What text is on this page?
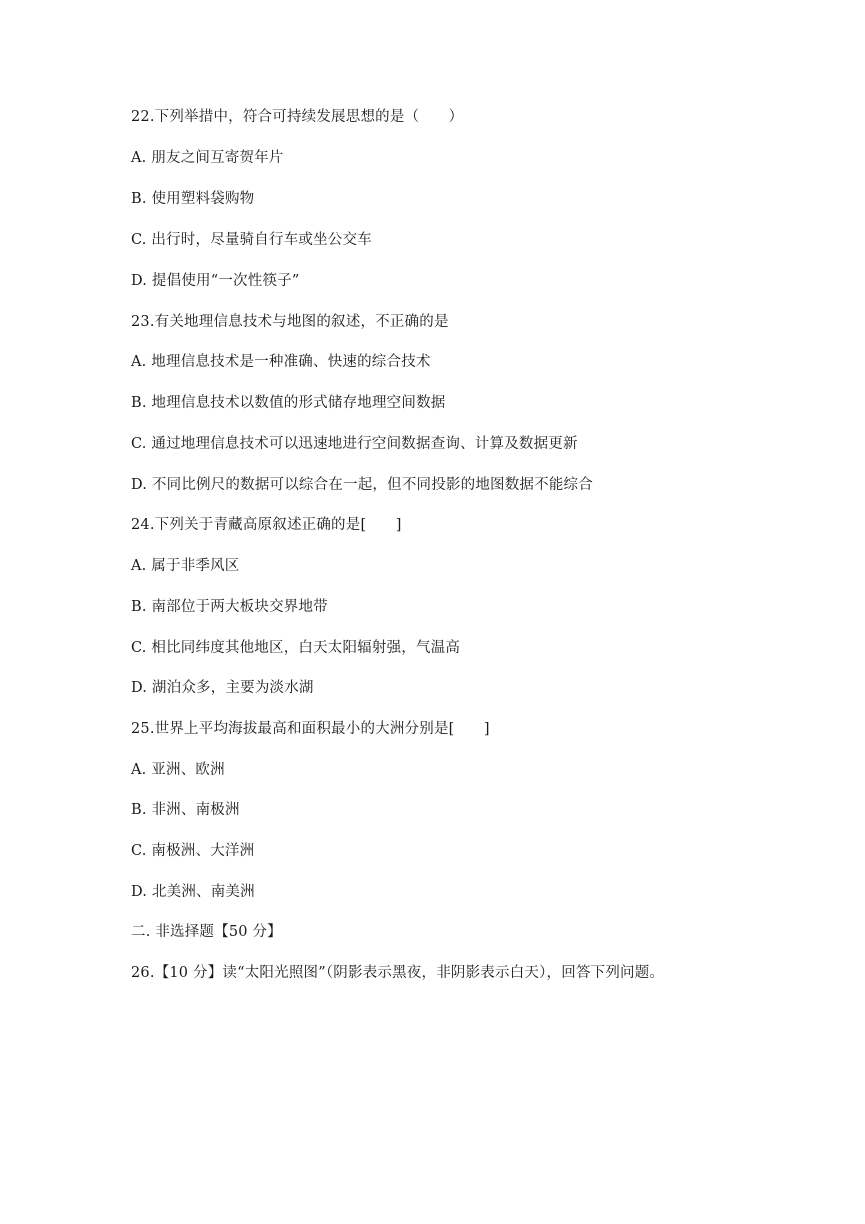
22.下列举措中，符合可持续发展思想的是（　　）
A. 朋友之间互寄贺年片
B. 使用塑料袋购物
C. 出行时，尽量骑自行车或坐公交车
D. 提倡使用“一次性筷子”
23.有关地理信息技术与地图的叙述，不正确的是
A. 地理信息技术是一种准确、快速的综合技术
B. 地理信息技术以数值的形式储存地理空间数据
C. 通过地理信息技术可以迅速地进行空间数据查询、计算及数据更新
D. 不同比例尺的数据可以综合在一起，但不同投影的地图数据不能综合
24.下列关于青藏高原叙述正确的是[　　]
A. 属于非季风区
B. 南部位于两大板块交界地带
C. 相比同纬度其他地区，白天太阳辐射强，气温高
D. 湖泊众多，主要为淡水湖
25.世界上平均海拔最高和面积最小的大洲分别是[　　]
A. 亚洲、欧洲
B. 非洲、南极洲
C. 南极洲、大洋洲
D. 北美洲、南美洲
二. 非选择题【50 分】
26.【10 分】读“太阳光照图”（阴影表示黑夜，非阴影表示白天），回答下列问题。
